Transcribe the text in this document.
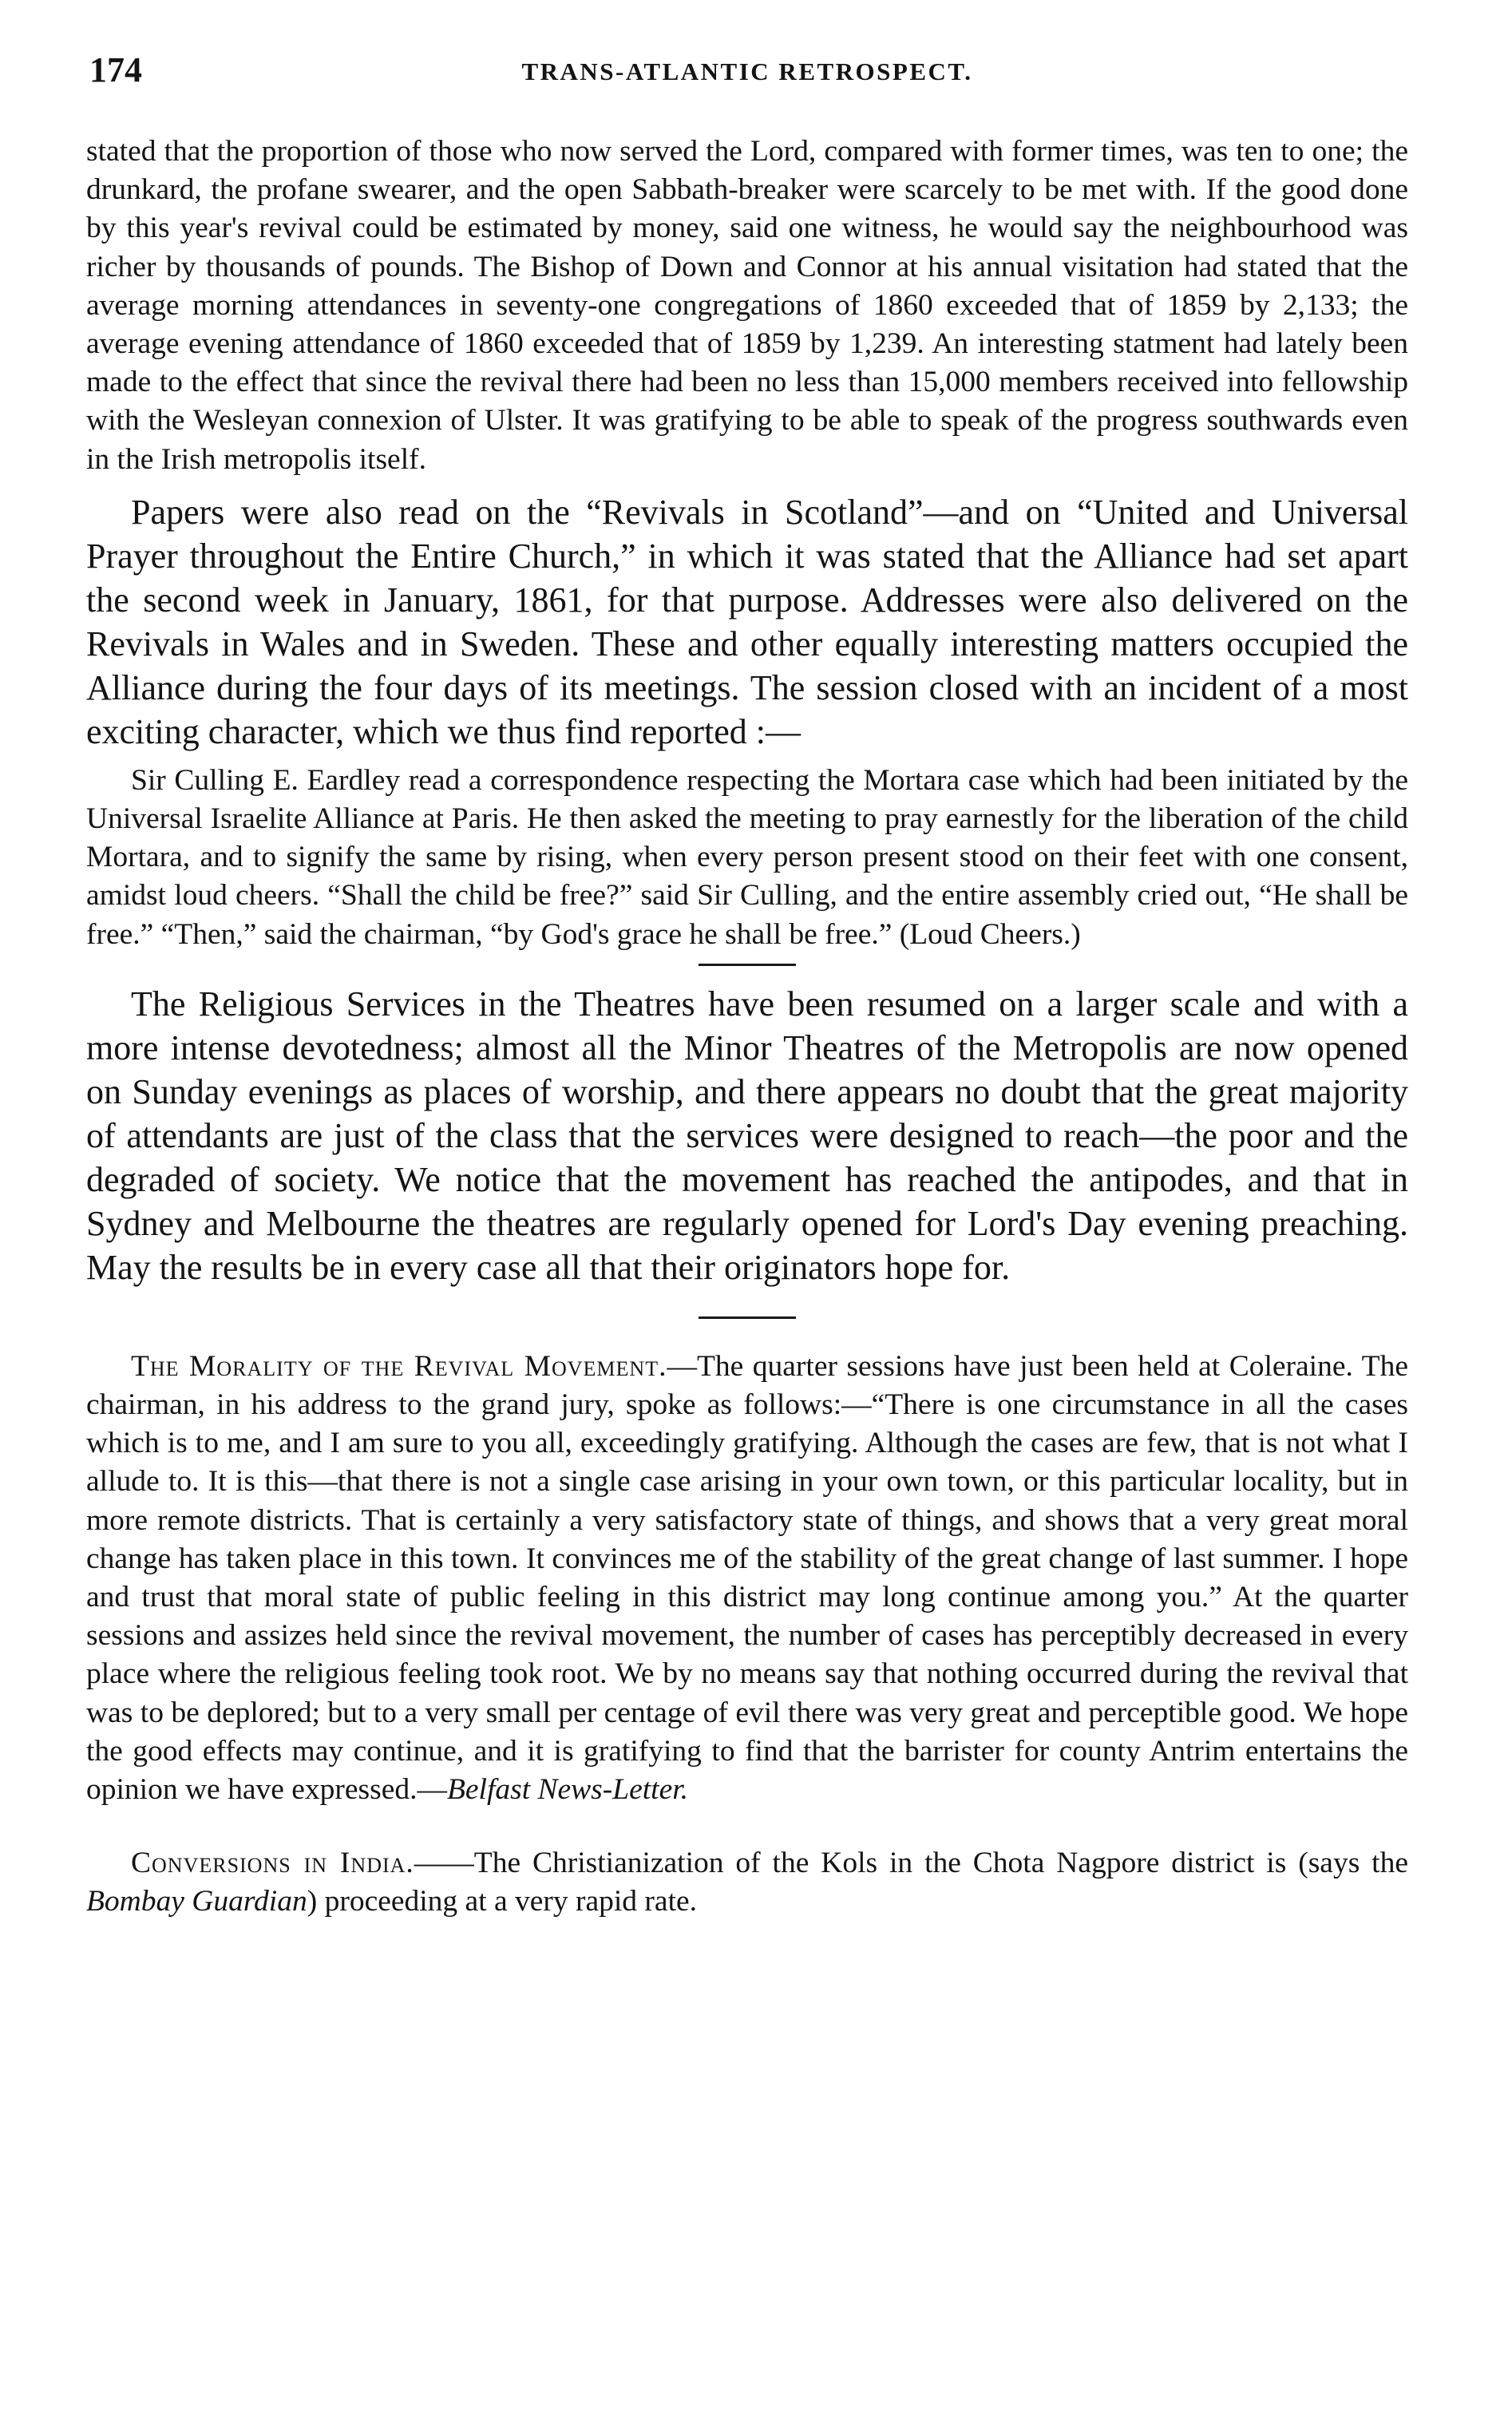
174	TRANS-ATLANTIC RETROSPECT.

stated that the proportion of those who now served the Lord, compared with former times, was ten to one; the drunkard, the profane swearer, and the open Sabbath-breaker were scarcely to be met with. If the good done by this year's revival could be estimated by money, said one witness, he would say the neighbourhood was richer by thousands of pounds. The Bishop of Down and Connor at his annual visitation had stated that the average morning attendances in seventy-one congregations of 1860 exceeded that of 1859 by 2,133; the average evening attendance of 1860 exceeded that of 1859 by 1,239. An interesting statment had lately been made to the effect that since the revival there had been no less than 15,000 members received into fellowship with the Wesleyan connexion of Ulster. It was gratifying to be able to speak of the progress southwards even in the Irish metropolis itself.

Papers were also read on the “Revivals in Scotland”—and on “United and Universal Prayer throughout the Entire Church,” in which it was stated that the Alliance had set apart the second week in January, 1861, for that purpose. Addresses were also delivered on the Revivals in Wales and in Sweden. These and other equally interesting matters occupied the Alliance during the four days of its meetings. The session closed with an incident of a most exciting character, which we thus find reported :—

Sir Culling E. Eardley read a correspondence respecting the Mortara case which had been initiated by the Universal Israelite Alliance at Paris. He then asked the meeting to pray earnestly for the liberation of the child Mortara, and to signify the same by rising, when every person present stood on their feet with one consent, amidst loud cheers. “Shall the child be free?” said Sir Culling, and the entire assembly cried out, “He shall be free.” “Then,” said the chairman, “by God's grace he shall be free.” (Loud Cheers.)

The Religious Services in the Theatres have been resumed on a larger scale and with a more intense devotedness; almost all the Minor Theatres of the Metropolis are now opened on Sunday evenings as places of worship, and there appears no doubt that the great majority of attendants are just of the class that the services were designed to reach—the poor and the degraded of society. We notice that the movement has reached the antipodes, and that in Sydney and Melbourne the theatres are regularly opened for Lord's Day evening preaching. May the results be in every case all that their originators hope for.

The Morality of the Revival Movement.—The quarter sessions have just been held at Coleraine. The chairman, in his address to the grand jury, spoke as follows:—“There is one circumstance in all the cases which is to me, and I am sure to you all, exceedingly gratifying. Although the cases are few, that is not what I allude to. It is this—that there is not a single case arising in your own town, or this particular locality, but in more remote districts. That is certainly a very satisfactory state of things, and shows that a very great moral change has taken place in this town. It convinces me of the stability of the great change of last summer. I hope and trust that moral state of public feeling in this district may long continue among you.” At the quarter sessions and assizes held since the revival movement, the number of cases has perceptibly decreased in every place where the religious feeling took root. We by no means say that nothing occurred during the revival that was to be deplored; but to a very small per centage of evil there was very great and perceptible good. We hope the good effects may continue, and it is gratifying to find that the barrister for county Antrim entertains the opinion we have expressed.—Belfast News-Letter.

Conversions in India.——The Christianization of the Kols in the Chota Nagpore district is (says the Bombay Guardian) proceeding at a very rapid rate.
